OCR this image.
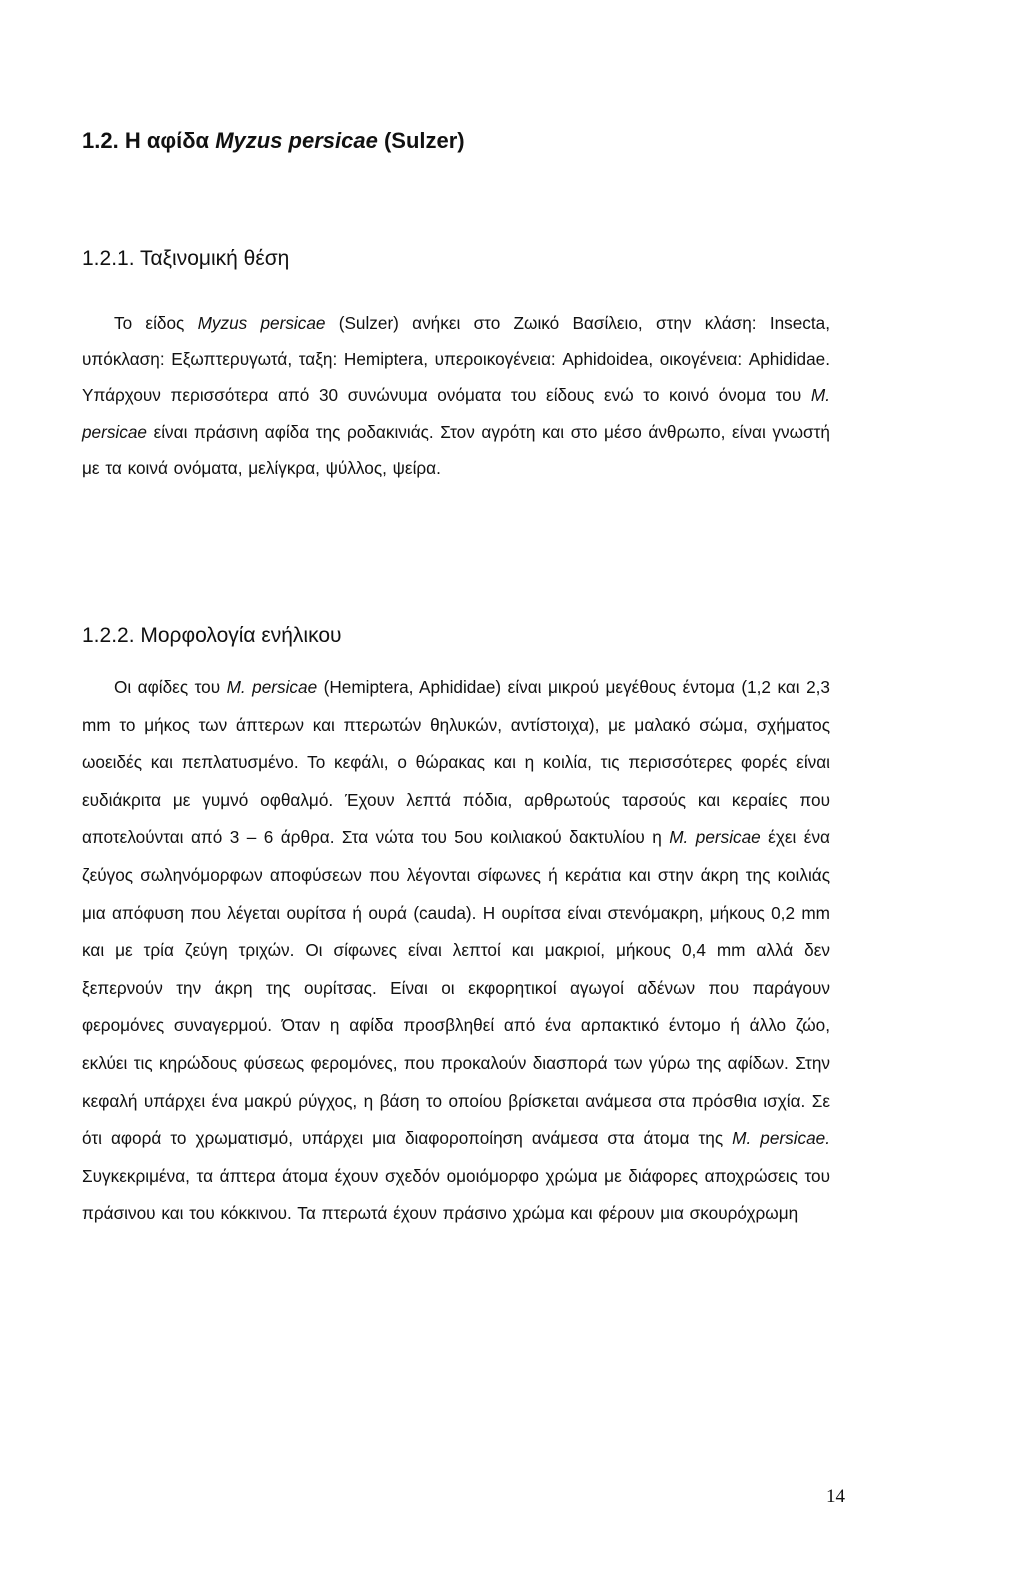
1.2. Η αφίδα Myzus persicae (Sulzer)
1.2.1. Ταξινομική θέση

Το είδος Myzus persicae (Sulzer) ανήκει στο Ζωικό Βασίλειο, στην κλάση: Insecta, υπόκλαση: Εξωπτερυγωτά, ταξη: Hemiptera, υπεροικογένεια: Aphidoidea, οικογένεια: Aphididae. Υπάρχουν περισσότερα από 30 συνώνυμα ονόματα του είδους ενώ το κοινό όνομα του M. persicae είναι πράσινη αφίδα της ροδακινιάς. Στον αγρότη και στο μέσο άνθρωπο, είναι γνωστή με τα κοινά ονόματα, μελίγκρα, ψύλλος, ψείρα.

1.2.2. Μορφολογία ενήλικου

Οι αφίδες του M. persicae (Hemiptera, Aphididae) είναι μικρού μεγέθους έντομα (1,2 και 2,3 mm το μήκος των άπτερων και πτερωτών θηλυκών, αντίστοιχα), με μαλακό σώμα, σχήματος ωοειδές και πεπλατυσμένο. Το κεφάλι, ο θώρακας και η κοιλία, τις περισσότερες φορές είναι ευδιάκριτα με γυμνό οφθαλμό. Έχουν λεπτά πόδια, αρθρωτούς ταρσούς και κεραίες που αποτελούνται από 3 – 6 άρθρα. Στα νώτα του 5ου κοιλιακού δακτυλίου η M. persicae έχει ένα ζεύγος σωληνόμορφων αποφύσεων που λέγονται σίφωνες ή κεράτια και στην άκρη της κοιλιάς μια απόφυση που λέγεται ουρίτσα ή ουρά (cauda). Η ουρίτσα είναι στενόμακρη, μήκους 0,2 mm και με τρία ζεύγη τριχών. Οι σίφωνες είναι λεπτοί και μακριοί, μήκους 0,4 mm αλλά δεν ξεπερνούν την άκρη της ουρίτσας. Είναι οι εκφορητικοί αγωγοί αδένων που παράγουν φερομόνες συναγερμού. Όταν η αφίδα προσβληθεί από ένα αρπακτικό έντομο ή άλλο ζώο, εκλύει τις κηρώδους φύσεως φερομόνες, που προκαλούν διασπορά των γύρω της αφίδων. Στην κεφαλή υπάρχει ένα μακρύ ρύγχος, η βάση το οποίου βρίσκεται ανάμεσα στα πρόσθια ισχία. Σε ότι αφορά το χρωματισμό, υπάρχει μια διαφοροποίηση ανάμεσα στα άτομα της M. persicae. Συγκεκριμένα, τα άπτερα άτομα έχουν σχεδόν ομοιόμορφο χρώμα με διάφορες αποχρώσεις του πράσινου και του κόκκινου. Τα πτερωτά έχουν πράσινο χρώμα και φέρουν μια σκουρόχρωμη

14
